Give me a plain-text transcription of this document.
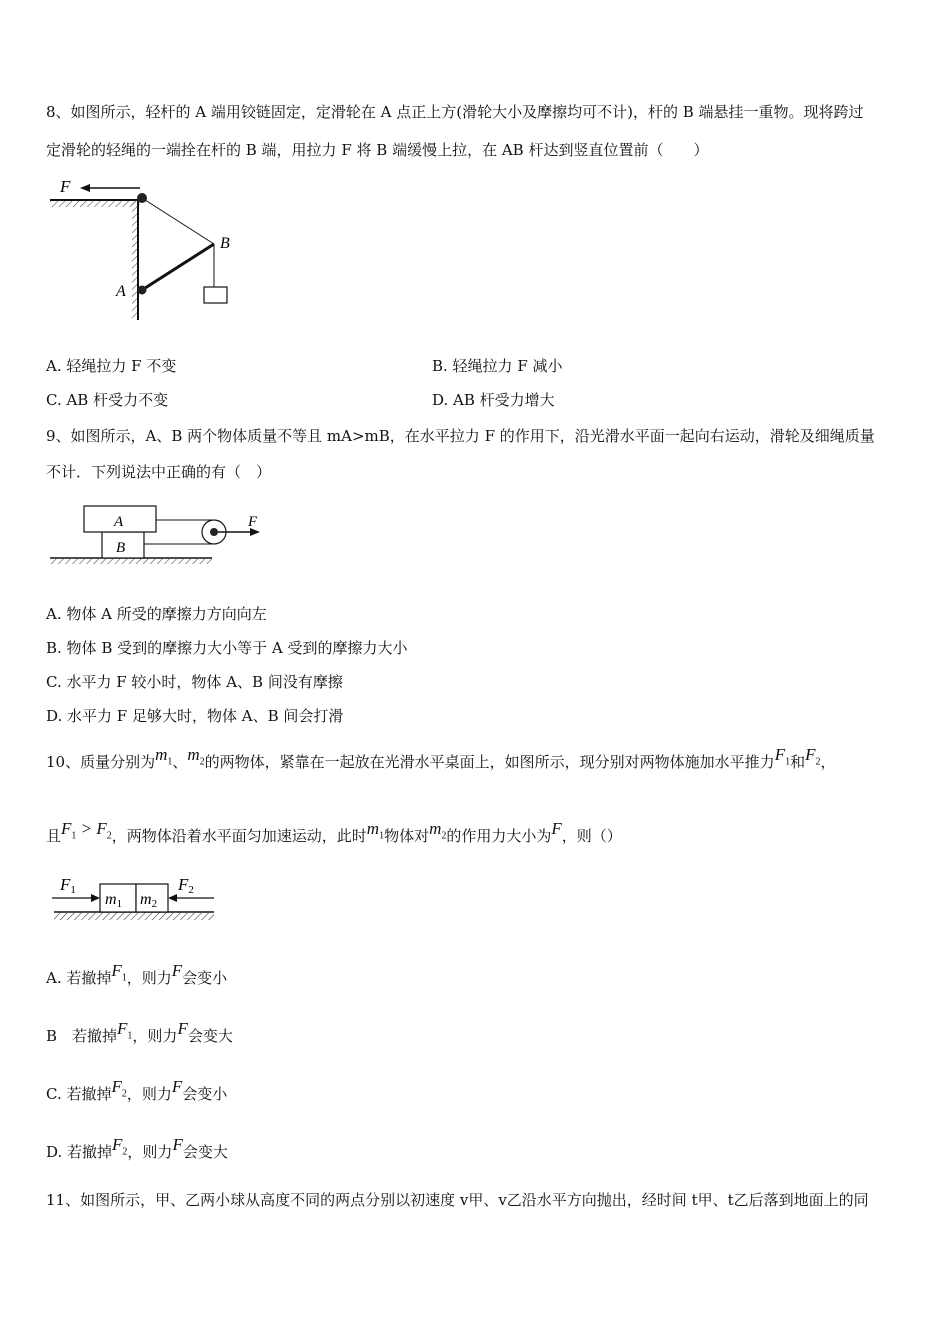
8、如图所示，轻杆的 A 端用铰链固定，定滑轮在 A 点正上方(滑轮大小及摩擦均可不计)，杆的 B 端悬挂一重物。现将跨过
定滑轮的轻绳的一端拴在杆的 B 端，用拉力 F 将 B 端缓慢上拉，在 AB 杆达到竖直位置前（　　）
F
A
B
A. 轻绳拉力 F 不变	B. 轻绳拉力 F 减小
C. AB 杆受力不变	D. AB 杆受力增大
9、如图所示，A、B 两个物体质量不等且 mA>mB，在水平拉力 F 的作用下，沿光滑水平面一起向右运动，滑轮及细绳质量
不计．下列说法中正确的有（　）
B
A	F
A. 物体 A 所受的摩擦力方向向左
B. 物体 B 受到的摩擦力大小等于 A 受到的摩擦力大小
C. 水平力 F 较小时，物体 A、B 间没有摩擦
D. 水平力 F 足够大时，物体 A、B 间会打滑
10、质量分别为$m_1$、$m_2$的两物体，紧靠在一起放在光滑水平桌面上，如图所示，现分别对两物体施加水平推力$F_1$和$F_2$，
且$F_1 > F_2$，两物体沿着水平面匀加速运动，此时$m_1$物体对$m_2$的作用力大小为F，则（）
m1 m2
F1	F2
A. 若撤掉$F_1$，则力F会变小
B　若撤掉$F_1$，则力F会变大
C. 若撤掉$F_2$，则力F会变小
D. 若撤掉$F_2$，则力F会变大
11、如图所示，甲、乙两小球从高度不同的两点分别以初速度 v甲、v乙沿水平方向抛出，经时间 t甲、t乙后落到地面上的同
